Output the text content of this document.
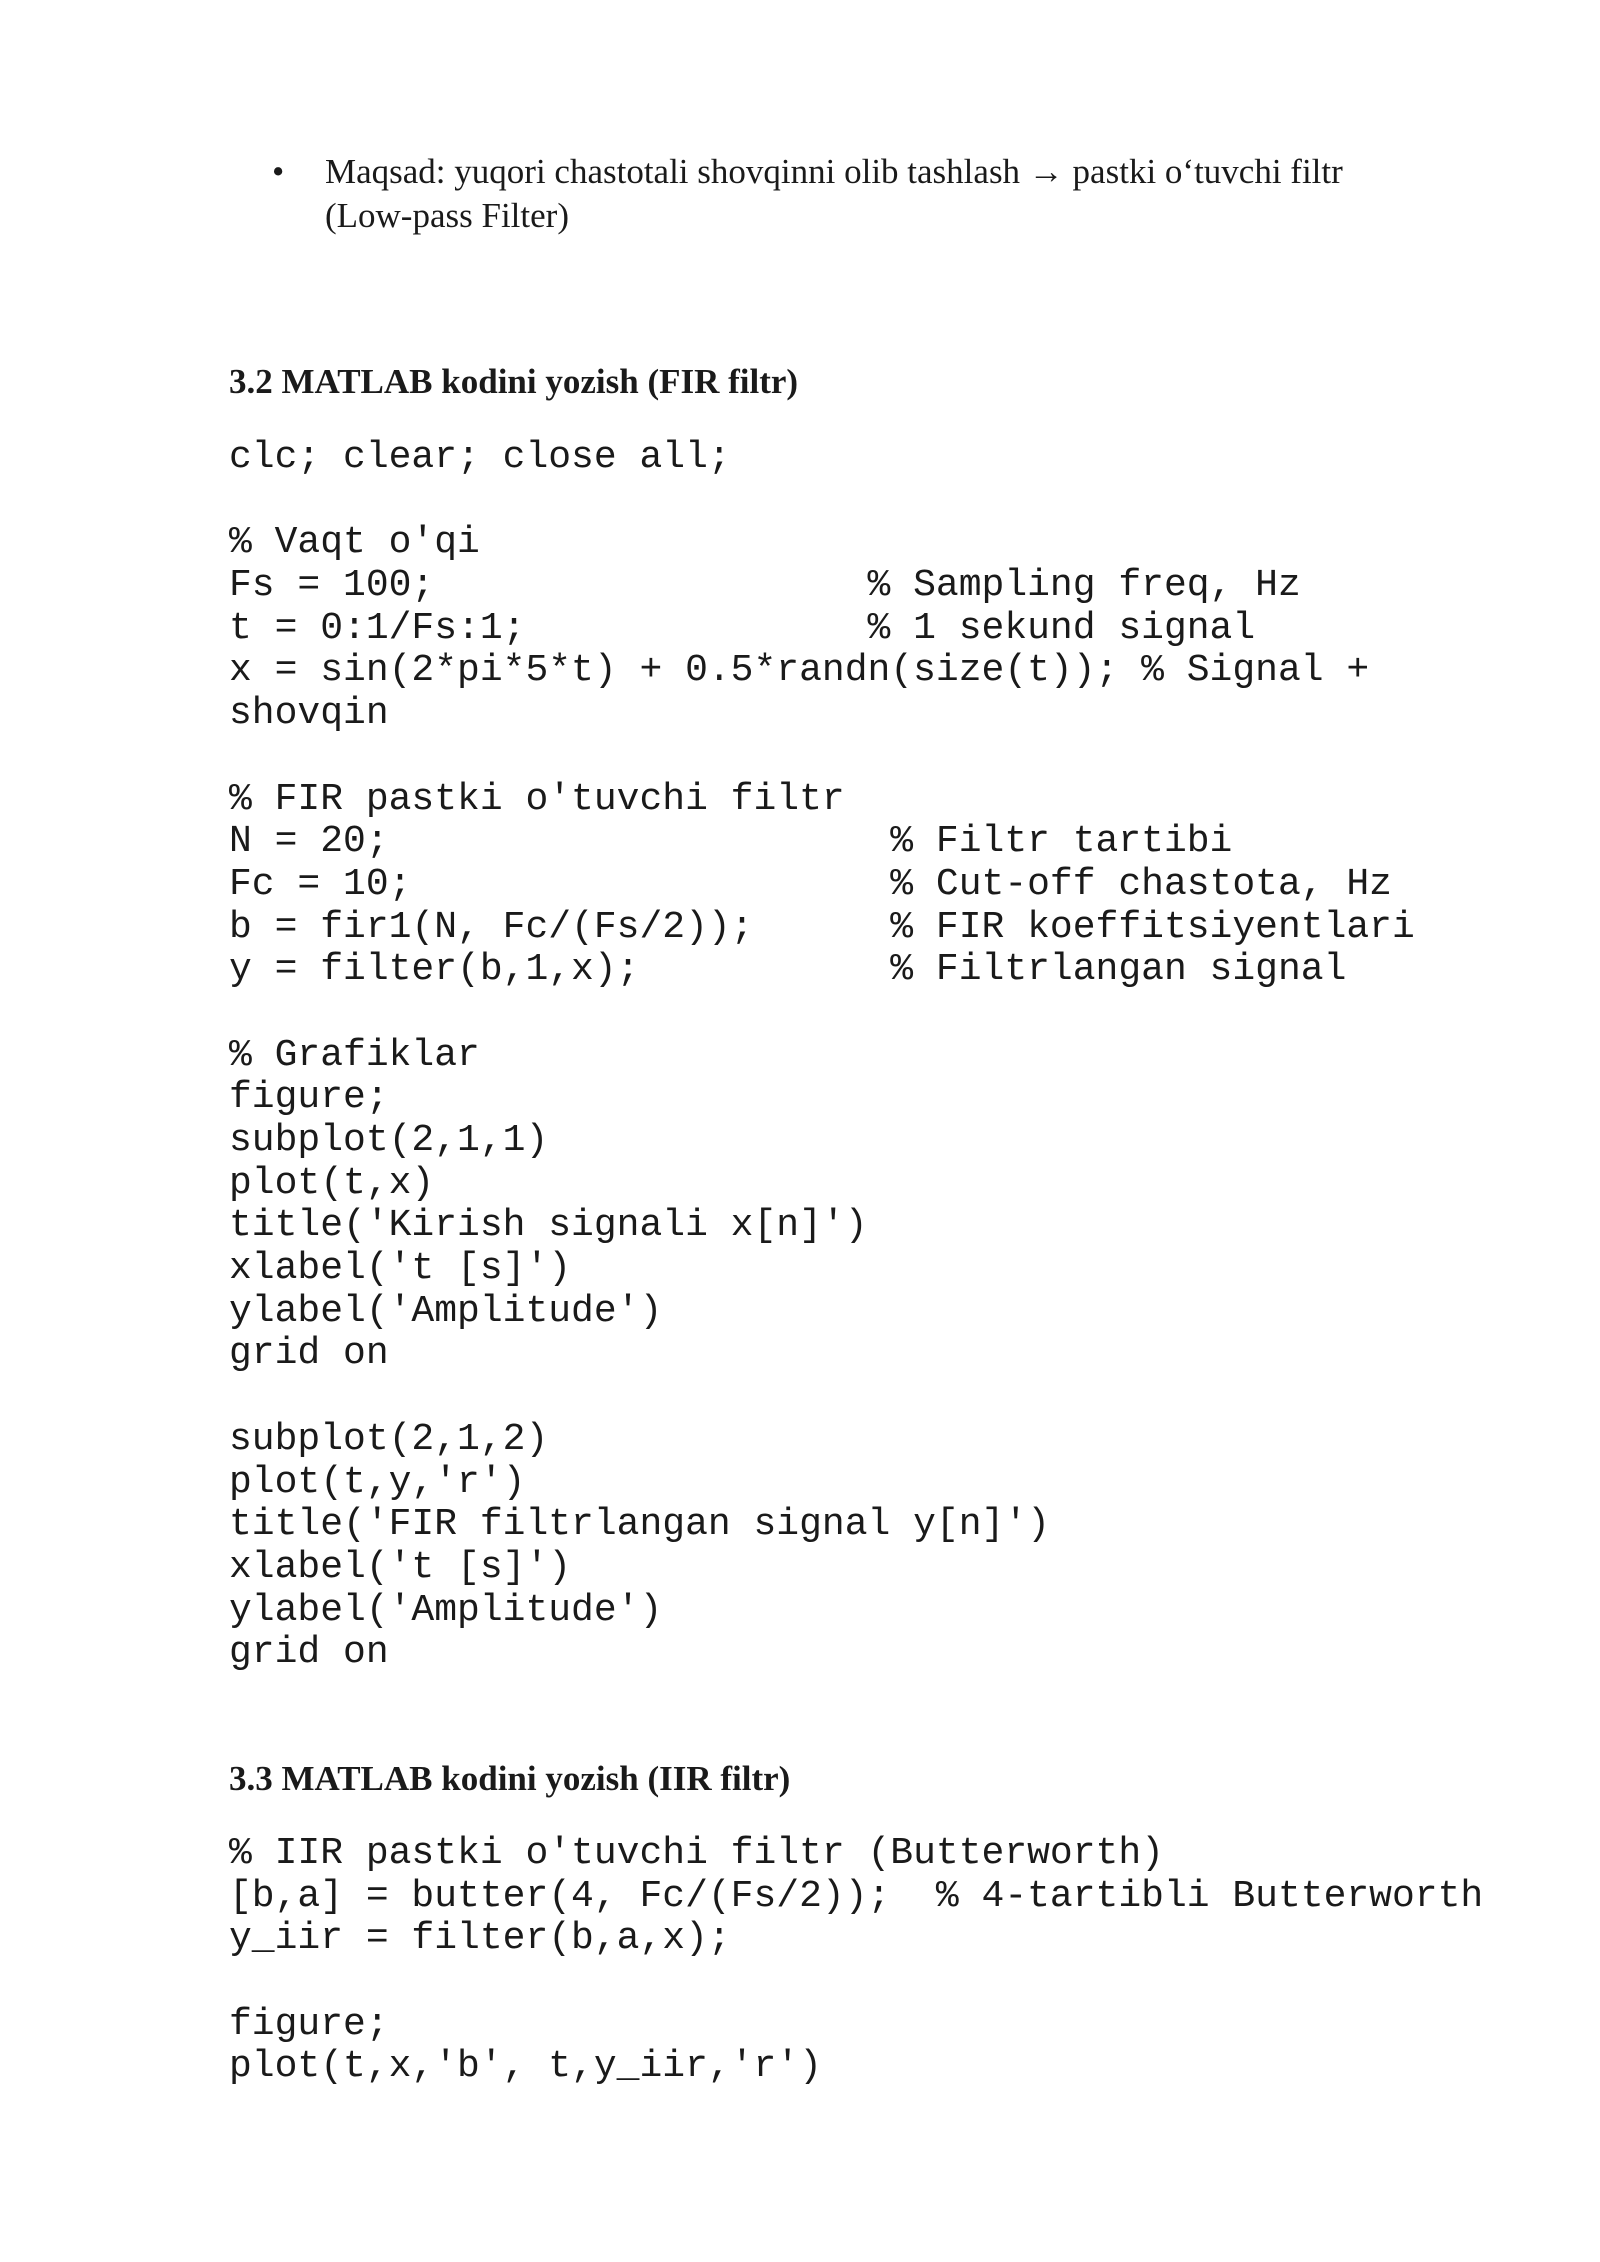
•	Maqsad: yuqori chastotali shovqinni olib tashlash → pastki o‘tuvchi filtr
(Low-pass Filter)
3.2 MATLAB kodini yozish (FIR filtr)
clc; clear; close all;
% Vaqt o'qi
Fs = 100;                   % Sampling freq, Hz
t = 0:1/Fs:1;               % 1 sekund signal
x = sin(2*pi*5*t) + 0.5*randn(size(t)); % Signal +
shovqin
% FIR pastki o'tuvchi filtr
N = 20;                      % Filtr tartibi
Fc = 10;                     % Cut-off chastota, Hz
b = fir1(N, Fc/(Fs/2));      % FIR koeffitsiyentlari
y = filter(b,1,x);           % Filtrlangan signal
% Grafiklar
figure;
subplot(2,1,1)
plot(t,x)
title('Kirish signali x[n]')
xlabel('t [s]')
ylabel('Amplitude')
grid on
subplot(2,1,2)
plot(t,y,'r')
title('FIR filtrlangan signal y[n]')
xlabel('t [s]')
ylabel('Amplitude')
grid on
3.3 MATLAB kodini yozish (IIR filtr)
% IIR pastki o'tuvchi filtr (Butterworth)
[b,a] = butter(4, Fc/(Fs/2));  % 4-tartibli Butterworth
y_iir = filter(b,a,x);
figure;
plot(t,x,'b', t,y_iir,'r')
